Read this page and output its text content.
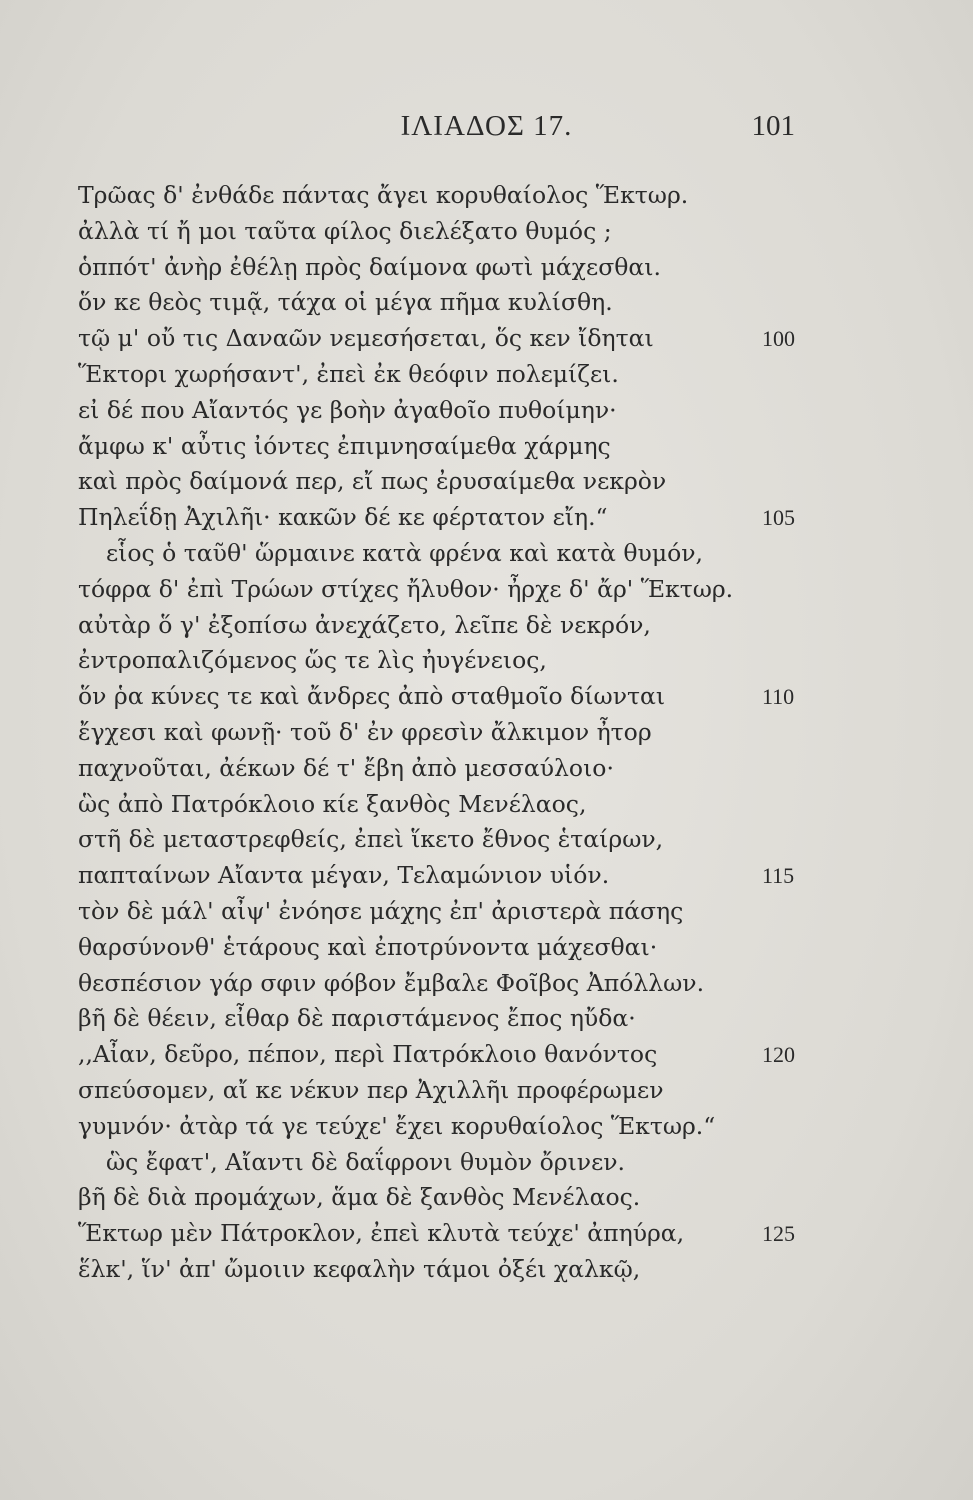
ΙΛΙΑΔΟΣ 17.	101
Τρῶας δ' ἐνθάδε πάντας ἄγει κορυθαίολος Ἕκτωρ.
ἀλλὰ τί ἤ μοι ταῦτα φίλος διελέξατο θυμός ;
ὁππότ' ἀνὴρ ἐθέλῃ πρὸς δαίμονα φωτὶ μάχεσθαι.
ὅν κε θεὸς τιμᾷ, τάχα οἱ μέγα πῆμα κυλίσθη.
τῷ μ' οὔ τις Δαναῶν νεμεσήσεται, ὅς κεν ἴδηται	100
Ἕκτορι χωρήσαντ', ἐπεὶ ἐκ θεόφιν πολεμίζει.
εἰ δέ που Αἴαντός γε βοὴν ἀγαθοῖο πυθοίμην·
ἄμφω κ' αὖτις ἰόντες ἐπιμνησαίμεθα χάρμης
καὶ πρὸς δαίμονά περ, εἴ πως ἐρυσαίμεθα νεκρὸν
Πηλεΐδῃ Ἀχιλῆι· κακῶν δέ κε φέρτατον εἴη.“	105
εἷος ὁ ταῦθ' ὥρμαινε κατὰ φρένα καὶ κατὰ θυμόν,
τόφρα δ' ἐπὶ Τρώων στίχες ἤλυθον· ἦρχε δ' ἄρ' Ἕκτωρ.
αὐτὰρ ὅ γ' ἐξοπίσω ἀνεχάζετο, λεῖπε δὲ νεκρόν,
ἐντροπαλιζόμενος ὥς τε λὶς ἠυγένειος,
ὅν ῥα κύνες τε καὶ ἄνδρες ἀπὸ σταθμοῖο δίωνται	110
ἔγχεσι καὶ φωνῇ· τοῦ δ' ἐν φρεσὶν ἄλκιμον ἦτορ
παχνοῦται, ἀέκων δέ τ' ἔβη ἀπὸ μεσσαύλοιο·
ὣς ἀπὸ Πατρόκλοιο κίε ξανθὸς Μενέλαος,
στῆ δὲ μεταστρεφθείς, ἐπεὶ ἵκετο ἔθνος ἑταίρων,
παπταίνων Αἴαντα μέγαν, Τελαμώνιον υἱόν.	115
τὸν δὲ μάλ' αἶψ' ἐνόησε μάχης ἐπ' ἀριστερὰ πάσης
θαρσύνονθ' ἑτάρους καὶ ἐποτρύνοντα μάχεσθαι·
θεσπέσιον γάρ σφιν φόβον ἔμβαλε Φοῖβος Ἀπόλλων.
βῆ δὲ θέειν, εἶθαρ δὲ παριστάμενος ἔπος ηὔδα·
,,Αἶαν, δεῦρο, πέπον, περὶ Πατρόκλοιο θανόντος	120
σπεύσομεν, αἴ κε νέκυν περ Ἀχιλλῆι προφέρωμεν
γυμνόν· ἀτὰρ τά γε τεύχε' ἔχει κορυθαίολος Ἕκτωρ.“
ὣς ἔφατ', Αἴαντι δὲ δαΐφρονι θυμὸν ὄρινεν.
βῆ δὲ διὰ προμάχων, ἅμα δὲ ξανθὸς Μενέλαος.
Ἕκτωρ μὲν Πάτροκλον, ἐπεὶ κλυτὰ τεύχε' ἀπηύρα,	125
ἕλκ', ἵν' ἀπ' ὤμοιιν κεφαλὴν τάμοι ὀξέι χαλκῷ,
